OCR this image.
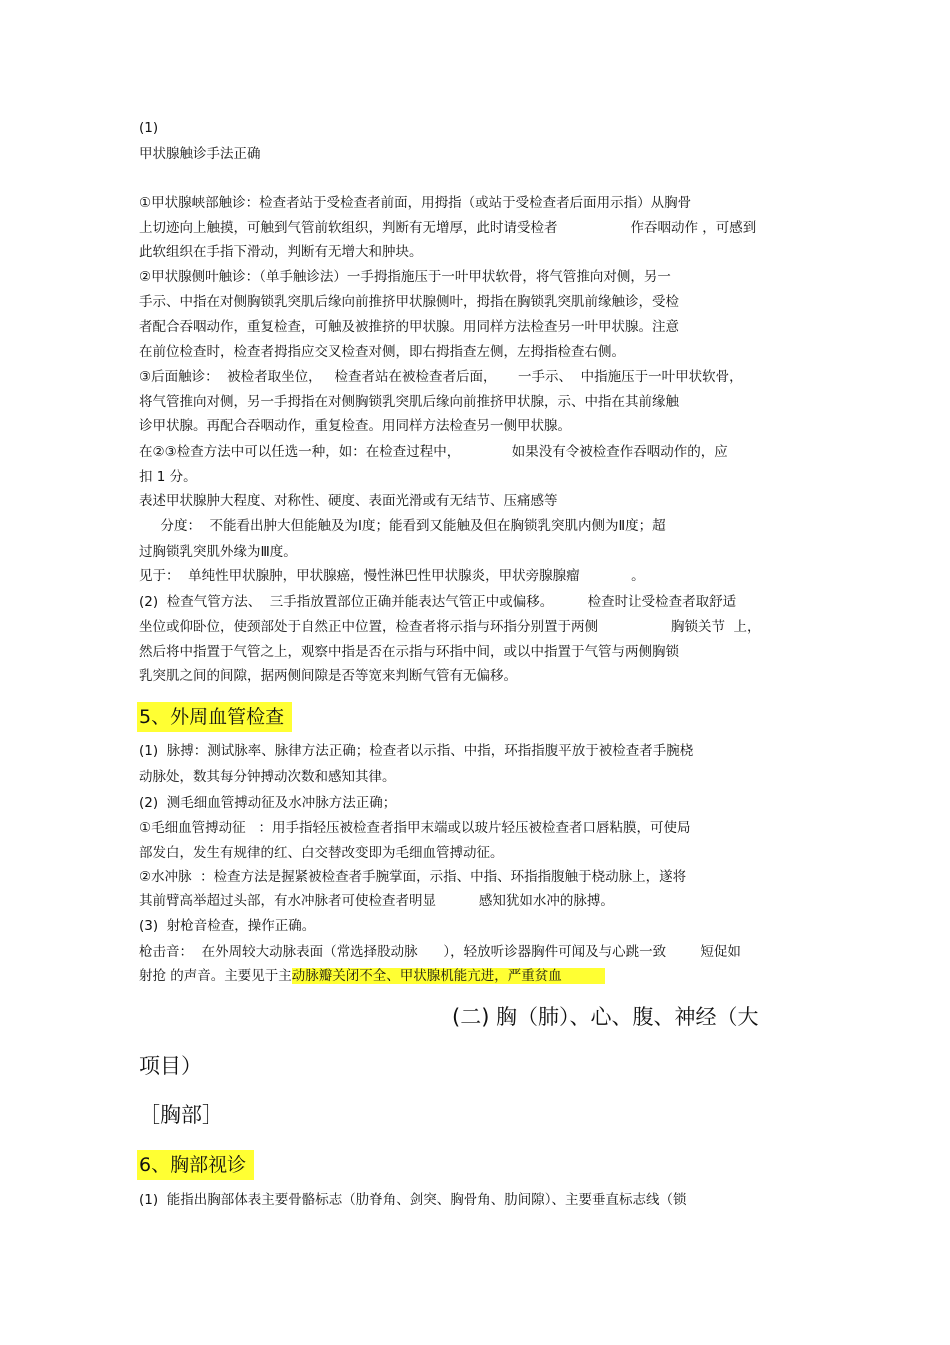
(1)
甲状腺触诊手法正确
①甲状腺峡部触诊：检查者站于受检查者前面，用拇指（或站于受检查者后面用示指）从胸骨
上切迹向上触摸，可触到气管前软组织，判断有无增厚，此时请受检者                 作吞咽动作 ，可感到
此软组织在手指下滑动，判断有无增大和肿块。
②甲状腺侧叶触诊：（单手触诊法）一手拇指施压于一叶甲状软骨，将气管推向对侧，另一
手示、中指在对侧胸锁乳突肌后缘向前推挤甲状腺侧叶，拇指在胸锁乳突肌前缘触诊，受检
者配合吞咽动作，重复检查，可触及被推挤的甲状腺。用同样方法检查另一叶甲状腺。注意
在前位检查时，检查者拇指应交叉检查对侧，即右拇指查左侧，左拇指检查右侧。
③后面触诊：  被检者取坐位，   检查者站在被检查者后面，     一手示、  中指施压于一叶甲状软骨，
将气管推向对侧，另一手拇指在对侧胸锁乳突肌后缘向前推挤甲状腺，示、中指在其前缘触
诊甲状腺。再配合吞咽动作，重复检查。用同样方法检查另一侧甲状腺。
在②③检查方法中可以任选一种，如：在检查过程中，            如果没有令被检查作吞咽动作的，应
扣 1 分。
表述甲状腺肿大程度、对称性、硬度、表面光滑或有无结节、压痛感等
分度：  不能看出肿大但能触及为Ⅰ度；能看到又能触及但在胸锁乳突肌内侧为Ⅱ度；超
过胸锁乳突肌外缘为Ⅲ度。
见于：  单纯性甲状腺肿，甲状腺癌，慢性淋巴性甲状腺炎，甲状旁腺腺瘤            。
(2)  检查气管方法、  三手指放置部位正确并能表达气管正中或偏移。        检查时让受检查者取舒适
坐位或仰卧位，使颈部处于自然正中位置，检查者将示指与环指分别置于两侧                 胸锁关节  上，
然后将中指置于气管之上，观察中指是否在示指与环指中间，或以中指置于气管与两侧胸锁
乳突肌之间的间隙，据两侧间隙是否等宽来判断气管有无偏移。
5、外周血管检查
(1)  脉搏：测试脉率、脉律方法正确；检查者以示指、中指，环指指腹平放于被检查者手腕桡
动脉处，数其每分钟搏动次数和感知其律。
(2)  测毛细血管搏动征及水冲脉方法正确；
①毛细血管搏动征   ：用手指轻压被检查者指甲末端或以玻片轻压被检查者口唇粘膜，可使局
部发白，发生有规律的红、白交替改变即为毛细血管搏动征。
②水冲脉  ：检查方法是握紧被检查者手腕掌面，示指、中指、环指指腹触于桡动脉上，遂将
其前臂高举超过头部，有水冲脉者可使检查者明显          感知犹如水冲的脉搏。
(3)  射枪音检查，操作正确。
枪击音：  在外周较大动脉表面（常选择股动脉      ），轻放听诊器胸件可闻及与心跳一致        短促如
射抢 的声音。主要见于主动脉瓣关闭不全、甲状腺机能亢进，严重贫血
(二) 胸（肺）、心、腹、神经（大
项目）
［胸部］
6、胸部视诊
(1)  能指出胸部体表主要骨骼标志（肋脊角、剑突、胸骨角、肋间隙）、主要垂直标志线（锁
